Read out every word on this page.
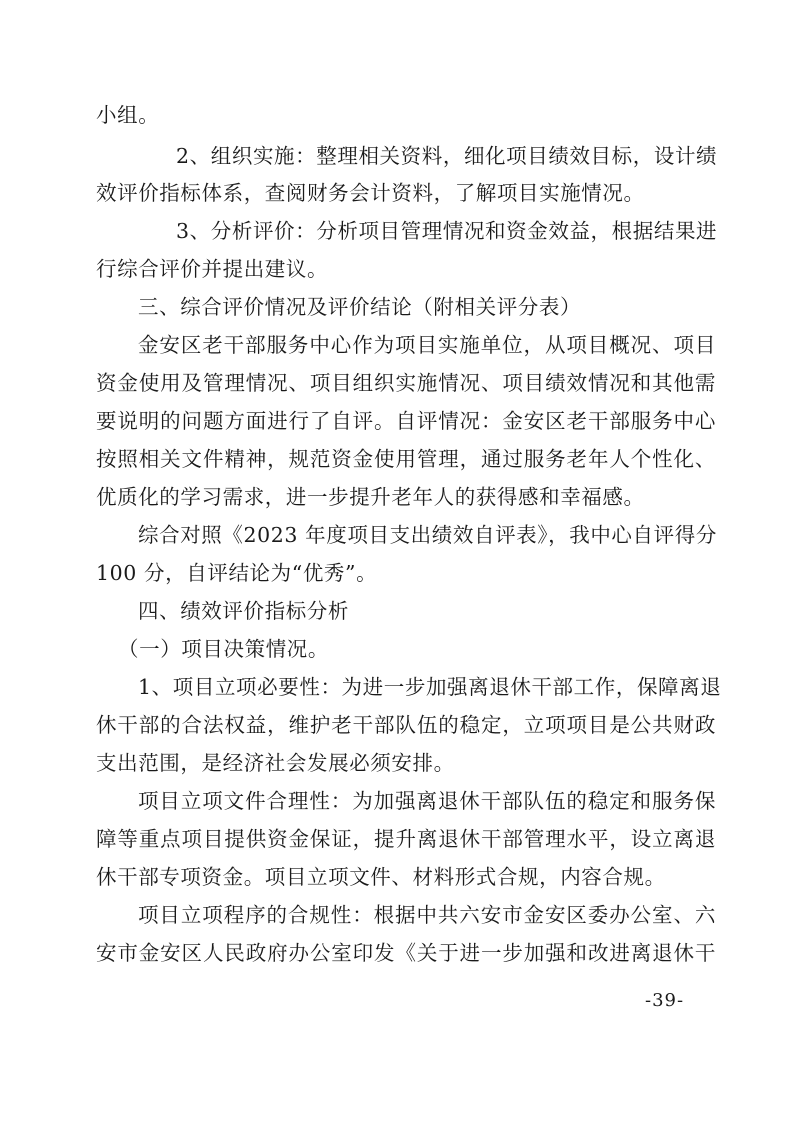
小组。
2、组织实施：整理相关资料，细化项目绩效目标，设计绩
效评价指标体系，查阅财务会计资料，了解项目实施情况。
3、分析评价：分析项目管理情况和资金效益，根据结果进
行综合评价并提出建议。
三、综合评价情况及评价结论（附相关评分表）
金安区老干部服务中心作为项目实施单位，从项目概况、项目
资金使用及管理情况、项目组织实施情况、项目绩效情况和其他需
要说明的问题方面进行了自评。自评情况：金安区老干部服务中心
按照相关文件精神，规范资金使用管理，通过服务老年人个性化、
优质化的学习需求，进一步提升老年人的获得感和幸福感。
综合对照《2023 年度项目支出绩效自评表》，我中心自评得分
100 分，自评结论为“优秀”。
四、绩效评价指标分析
（一）项目决策情况。
1、项目立项必要性：为进一步加强离退休干部工作，保障离退
休干部的合法权益，维护老干部队伍的稳定，立项项目是公共财政
支出范围，是经济社会发展必须安排。
项目立项文件合理性：为加强离退休干部队伍的稳定和服务保
障等重点项目提供资金保证，提升离退休干部管理水平，设立离退
休干部专项资金。项目立项文件、材料形式合规，内容合规。
项目立项程序的合规性：根据中共六安市金安区委办公室、六
安市金安区人民政府办公室印发《关于进一步加强和改进离退休干
-39-
